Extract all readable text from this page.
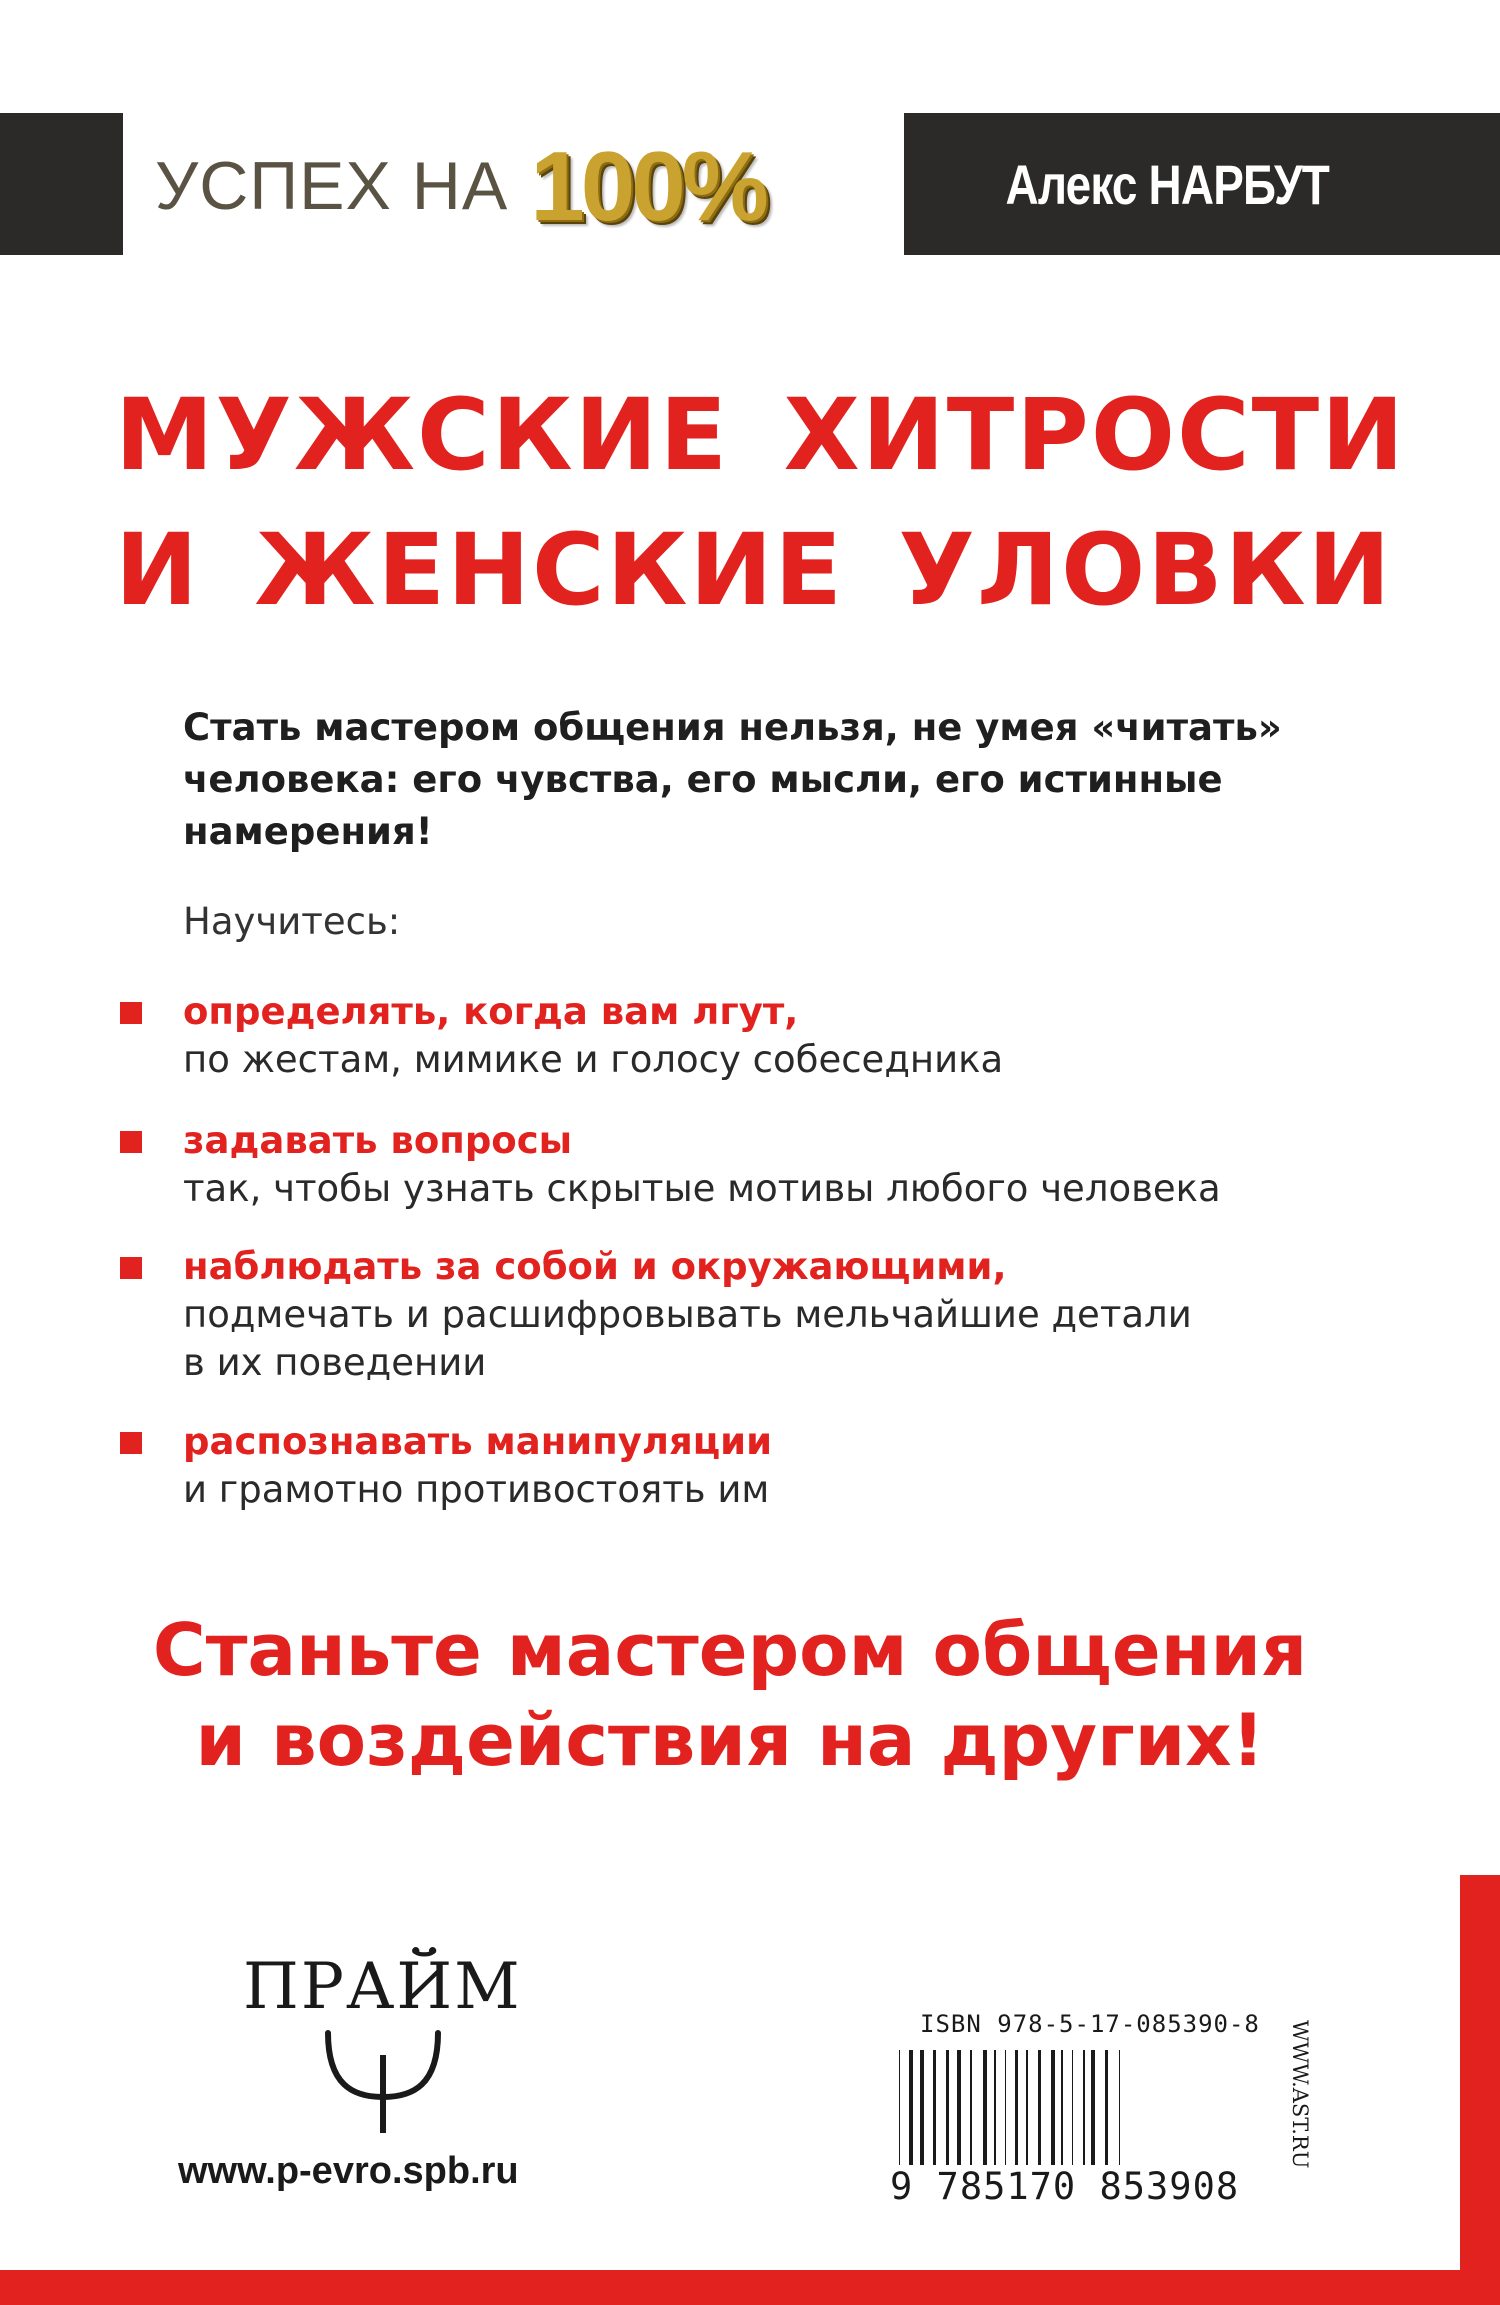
УСПЕХ НА 100%	Алекс НАРБУТ
МУЖСКИЕ ХИТРОСТИ
И ЖЕНСКИЕ УЛОВКИ
Стать мастером общения нельзя, не умея «читать» человека: его чувства, его мысли, его истинные намерения!
Научитесь:
определять, когда вам лгут,
по жестам, мимике и голосу собеседника
задавать вопросы
так, чтобы узнать скрытые мотивы любого человека
наблюдать за собой и окружающими,
подмечать и расшифровывать мельчайшие детали в их поведении
распознавать манипуляции
и грамотно противостоять им
Станьте мастером общения
и воздействия на других!
ПРАЙМ
www.p-evro.spb.ru
ISBN 978-5-17-085390-8
9 785170 853908
WWW.AST.RU
